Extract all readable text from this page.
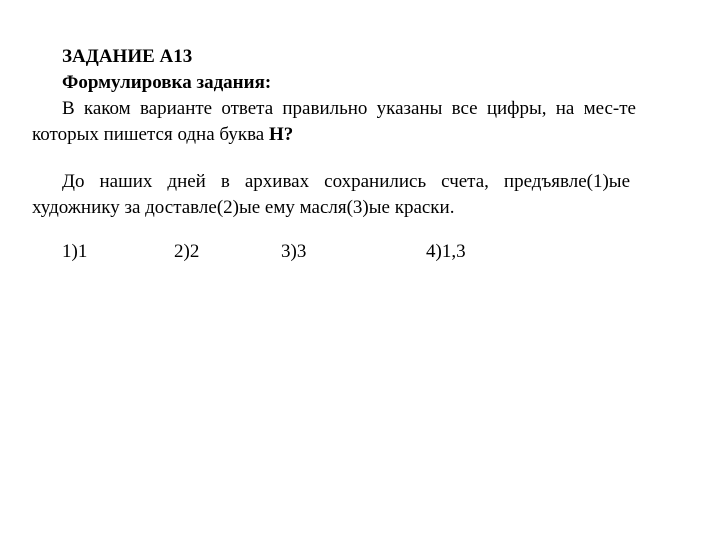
ЗАДАНИЕ А13
Формулировка задания:
В каком варианте ответа правильно указаны все цифры, на мес-те
которых пишется одна буква Н?
До наших дней в архивах сохранились счета, предъявле(1)ые
художнику за доставле(2)ые ему масля(3)ые краски.
1)1	2)2	3)3	4)1,3
